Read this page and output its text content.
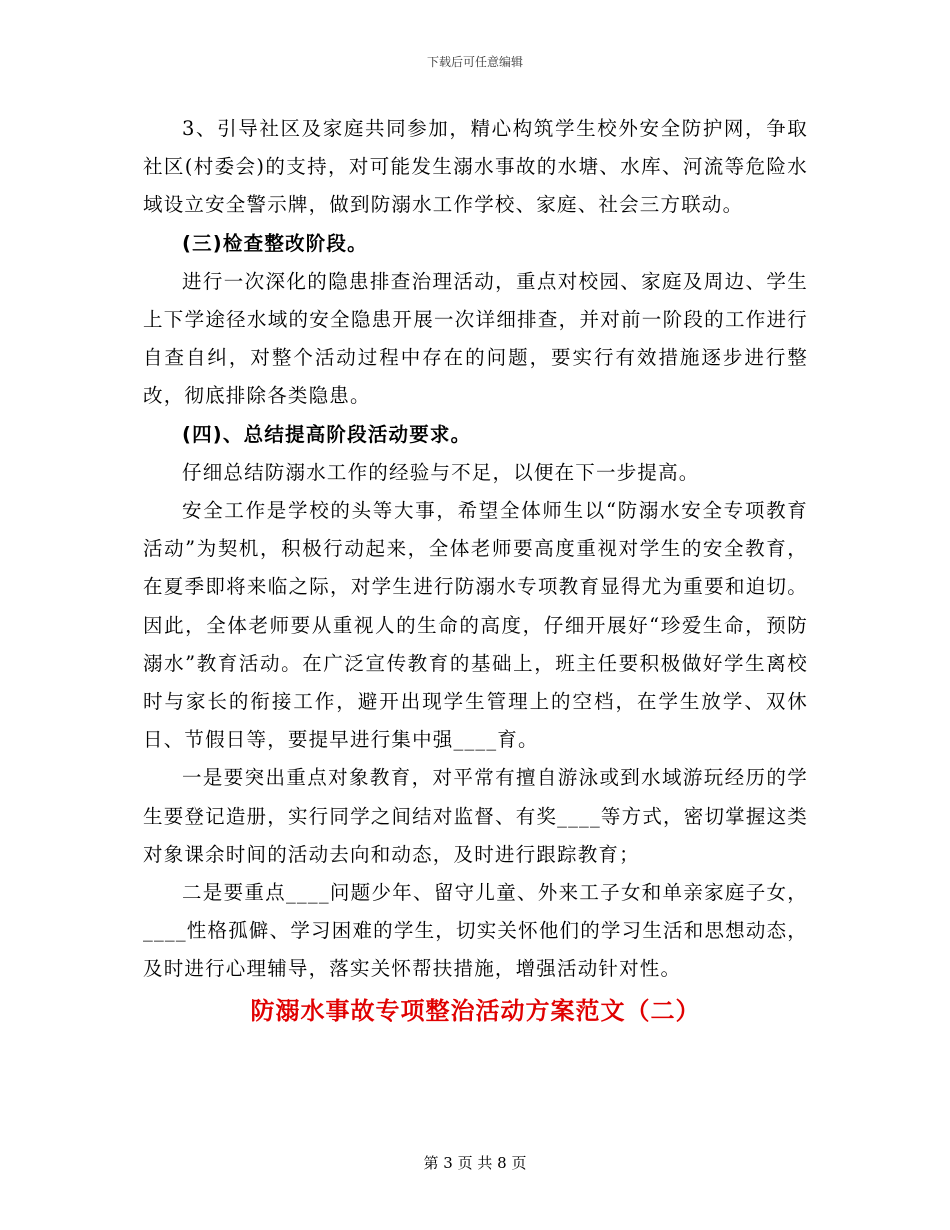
下载后可任意编辑

3、引导社区及家庭共同参加，精心构筑学生校外安全防护网，争取社区(村委会)的支持，对可能发生溺水事故的水塘、水库、河流等危险水域设立安全警示牌，做到防溺水工作学校、家庭、社会三方联动。

(三)检查整改阶段。

进行一次深化的隐患排查治理活动，重点对校园、家庭及周边、学生上下学途径水域的安全隐患开展一次详细排查，并对前一阶段的工作进行自查自纠，对整个活动过程中存在的问题，要实行有效措施逐步进行整改，彻底排除各类隐患。

(四)、总结提高阶段活动要求。

仔细总结防溺水工作的经验与不足，以便在下一步提高。

安全工作是学校的头等大事，希望全体师生以“防溺水安全专项教育活动”为契机，积极行动起来，全体老师要高度重视对学生的安全教育，在夏季即将来临之际，对学生进行防溺水专项教育显得尤为重要和迫切。因此，全体老师要从重视人的生命的高度，仔细开展好“珍爱生命，预防溺水”教育活动。在广泛宣传教育的基础上，班主任要积极做好学生离校时与家长的衔接工作，避开出现学生管理上的空档，在学生放学、双休日、节假日等，要提早进行集中强____育。

一是要突出重点对象教育，对平常有擅自游泳或到水域游玩经历的学生要登记造册，实行同学之间结对监督、有奖____等方式，密切掌握这类对象课余时间的活动去向和动态，及时进行跟踪教育；

二是要重点____问题少年、留守儿童、外来工子女和单亲家庭子女，____性格孤僻、学习困难的学生，切实关怀他们的学习生活和思想动态，及时进行心理辅导，落实关怀帮扶措施，增强活动针对性。

防溺水事故专项整治活动方案范文（二）
第 3 页 共 8 页
